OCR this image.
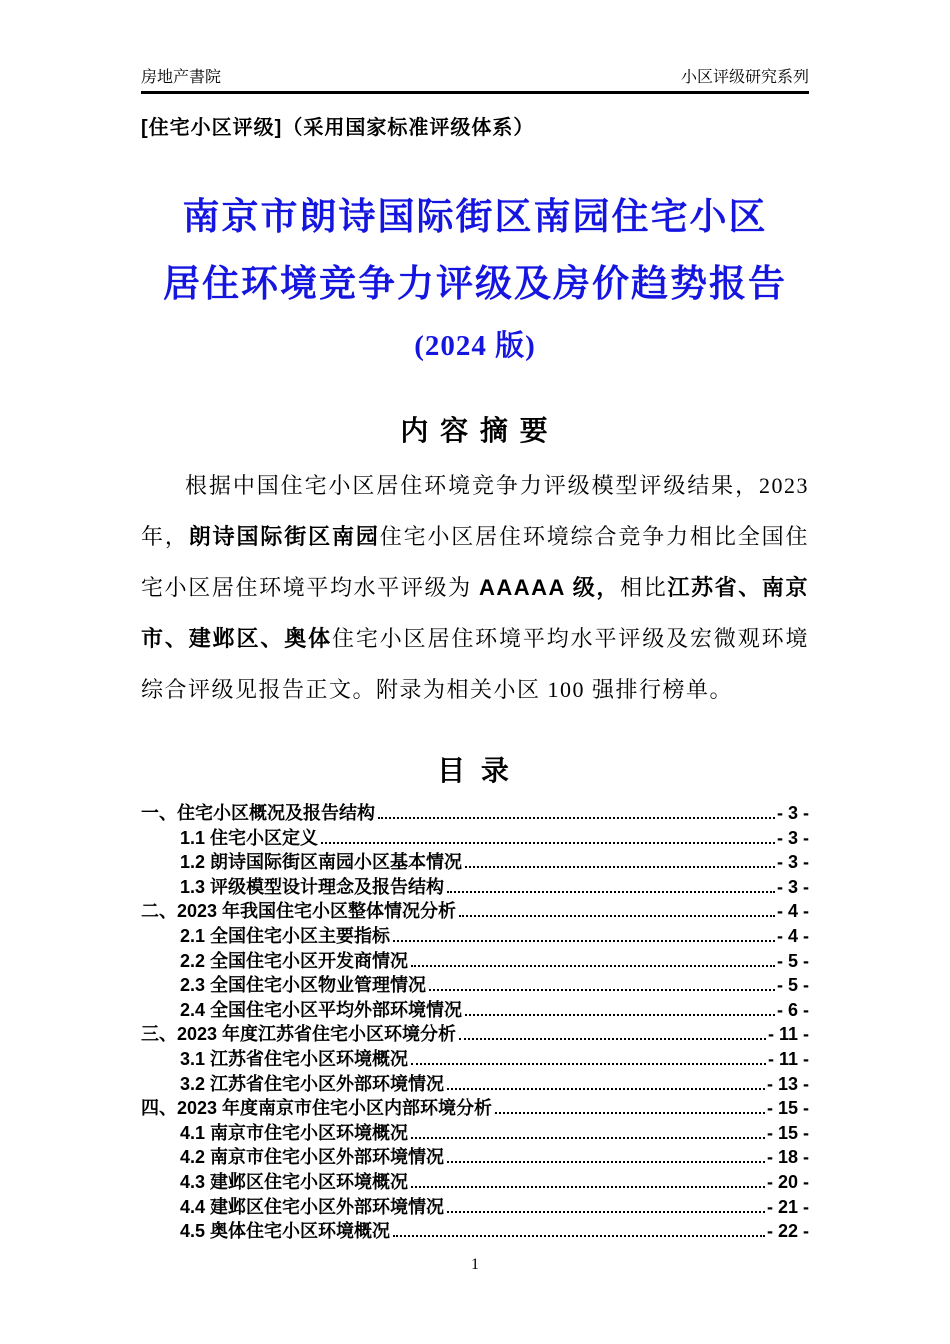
房地产書院	小区评级研究系列
[住宅小区评级]（采用国家标准评级体系）
南京市朗诗国际街区南园住宅小区
居住环境竞争力评级及房价趋势报告
(2024 版)
内 容 摘 要

根据中国住宅小区居住环境竞争力评级模型评级结果，2023 年，朗诗国际街区南园住宅小区居住环境综合竞争力相比全国住宅小区居住环境平均水平评级为 AAAAA 级，相比江苏省、南京市、建邺区、奥体住宅小区居住环境平均水平评级及宏微观环境综合评级见报告正文。附录为相关小区 100 强排行榜单。

目 录
一、住宅小区概况及报告结构	- 3 -
1.1 住宅小区定义	- 3 -
1.2 朗诗国际街区南园小区基本情况	- 3 -
1.3 评级模型设计理念及报告结构	- 3 -
二、2023 年我国住宅小区整体情况分析	- 4 -
2.1 全国住宅小区主要指标	- 4 -
2.2 全国住宅小区开发商情况	- 5 -
2.3 全国住宅小区物业管理情况	- 5 -
2.4 全国住宅小区平均外部环境情况	- 6 -
三、2023 年度江苏省住宅小区环境分析	- 11 -
3.1 江苏省住宅小区环境概况	- 11 -
3.2 江苏省住宅小区外部环境情况	- 13 -
四、2023 年度南京市住宅小区内部环境分析	- 15 -
4.1 南京市住宅小区环境概况	- 15 -
4.2 南京市住宅小区外部环境情况	- 18 -
4.3 建邺区住宅小区环境概况	- 20 -
4.4 建邺区住宅小区外部环境情况	- 21 -
4.5 奥体住宅小区环境概况	- 22 -
1
